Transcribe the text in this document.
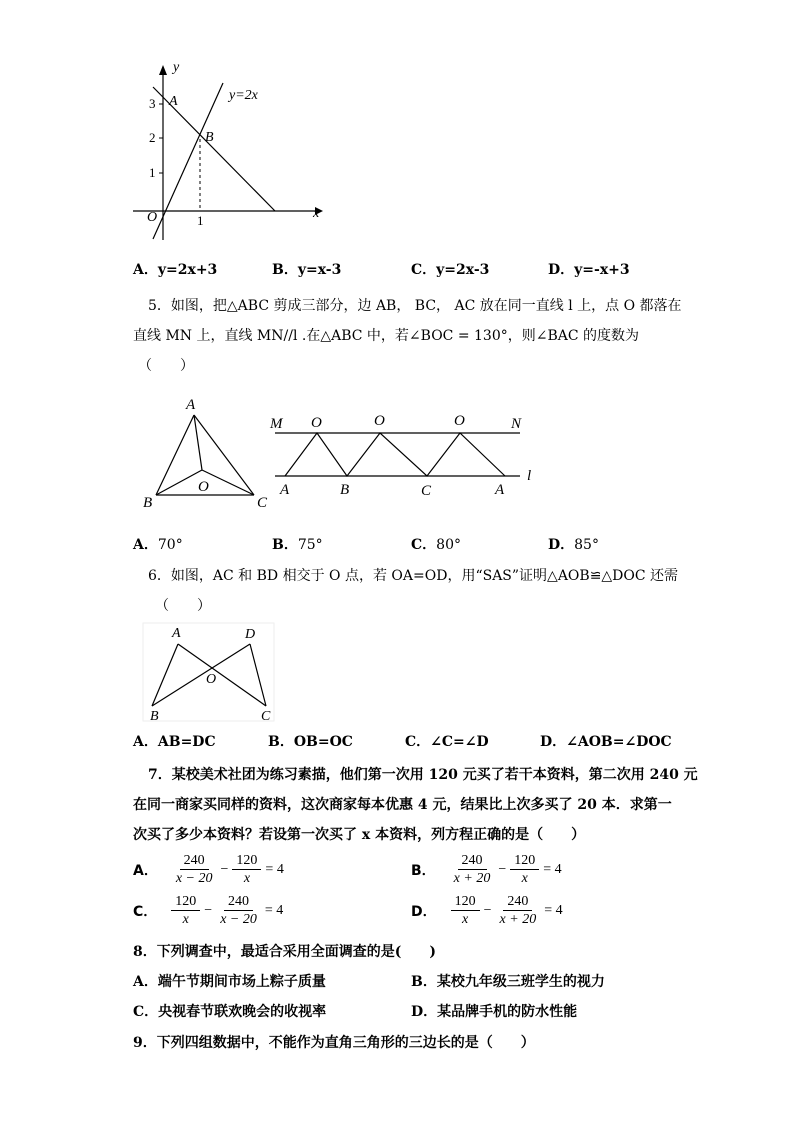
y
x
O
y=2x
A
B
3
2
1
1
A．y=2x+3	B．y=x-3	C．y=2x-3	D．y=-x+3
5．如图，把△ABC 剪成三部分，边 AB， BC， AC 放在同一直线 l 上，点 O 都落在
直线 MN 上，直线 MN//l .在△ABC 中，若∠BOC = 130°，则∠BAC 的度数为
（　　）
A
B	C
O
M	N
l
O	O	O
A	B	C	A
A．70°	B．75°	C．80°	D．85°
6．如图，AC 和 BD 相交于 O 点，若 OA=OD，用“SAS”证明△AOB≌△DOC 还需
（　　）
A	D
O
B	C
A．AB=DC	B．OB=OC	C．∠C=∠D	D．∠AOB=∠DOC
7．某校美术社团为练习素描，他们第一次用 120 元买了若干本资料，第二次用 240 元
在同一商家买同样的资料，这次商家每本优惠 4 元，结果比上次多买了 20 本．求第一
次买了多少本资料？若设第一次买了 x 本资料，列方程正确的是（　　）
A． $\frac{240}{x - 20} - \frac{120}{x} = 4$	B． $\frac{240}{x + 20} - \frac{120}{x} = 4$
C． $\frac{120}{x} - \frac{240}{x - 20} = 4$	D． $\frac{120}{x} - \frac{240}{x + 20} = 4$
8．下列调查中，最适合采用全面调查的是(　　)
A．端午节期间市场上粽子质量	B．某校九年级三班学生的视力
C．央视春节联欢晚会的收视率	D．某品牌手机的防水性能
9．下列四组数据中，不能作为直角三角形的三边长的是（　　）
